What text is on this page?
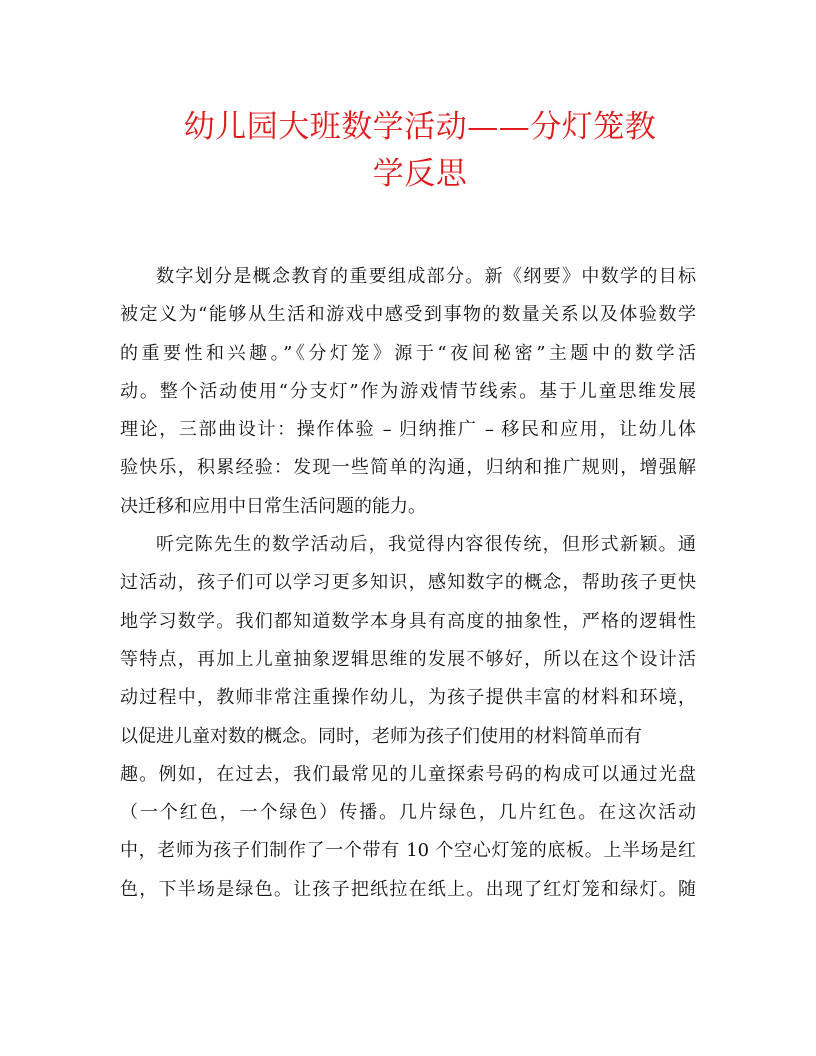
幼儿园大班数学活动——分灯笼教
学反思
数字划分是概念教育的重要组成部分。新《纲要》中数学的目标
被定义为“能够从生活和游戏中感受到事物的数量关系以及体验数学
的重要性和兴趣。”《分灯笼》源于“夜间秘密”主题中的数学活
动。整个活动使用“分支灯”作为游戏情节线索。基于儿童思维发展
理论，三部曲设计：操作体验 – 归纳推广 – 移民和应用，让幼儿体
验快乐，积累经验：发现一些简单的沟通，归纳和推广规则，增强解
决迁移和应用中日常生活问题的能力。
听完陈先生的数学活动后，我觉得内容很传统，但形式新颖。通
过活动，孩子们可以学习更多知识，感知数字的概念，帮助孩子更快
地学习数学。我们都知道数学本身具有高度的抽象性，严格的逻辑性
等特点，再加上儿童抽象逻辑思维的发展不够好，所以在这个设计活
动过程中，教师非常注重操作幼儿，为孩子提供丰富的材料和环境，
以促进儿童对数的概念。同时，老师为孩子们使用的材料简单而有
趣。例如，在过去，我们最常见的儿童探索号码的构成可以通过光盘
（一个红色，一个绿色）传播。几片绿色，几片红色。在这次活动
中，老师为孩子们制作了一个带有 10 个空心灯笼的底板。上半场是红
色，下半场是绿色。让孩子把纸拉在纸上。出现了红灯笼和绿灯。随
